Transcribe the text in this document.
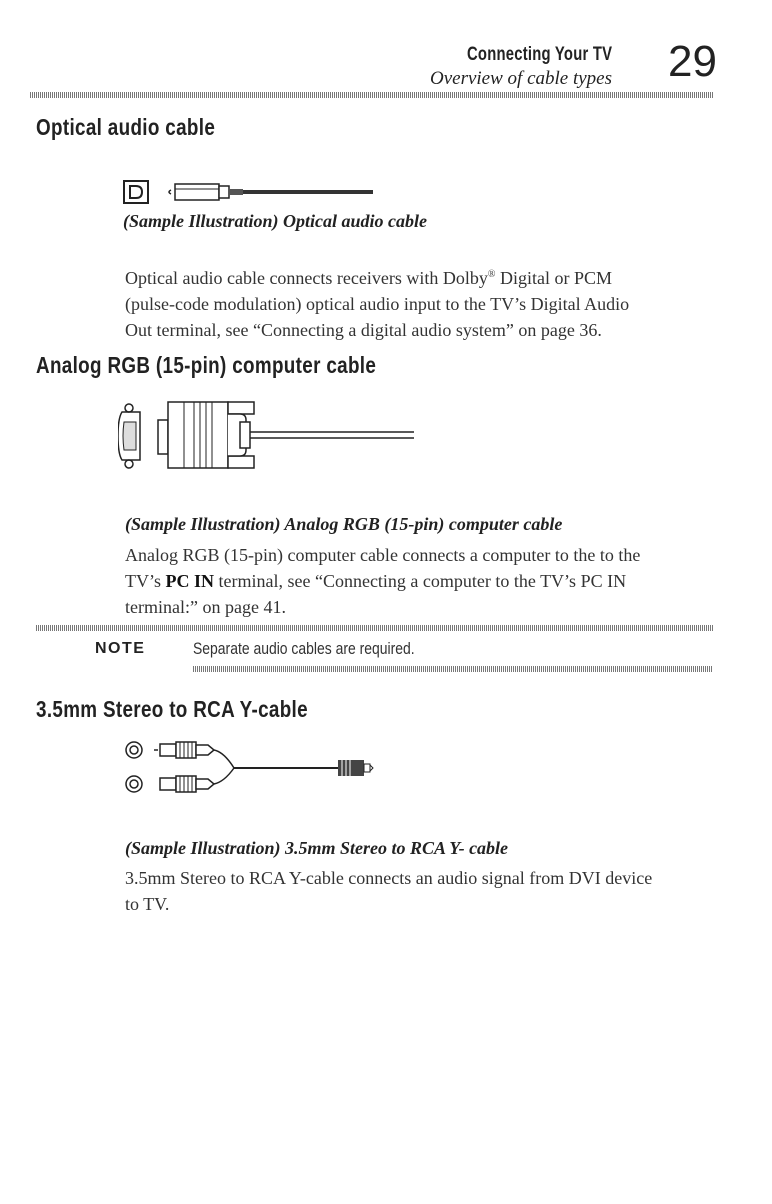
Connecting Your TV
Overview of cable types 29
Optical audio cable
(Sample Illustration) Optical audio cable
Optical audio cable connects receivers with Dolby® Digital or PCM
(pulse-code modulation) optical audio input to the TV’s Digital Audio
Out terminal, see “Connecting a digital audio system” on page 36.
Analog RGB (15-pin) computer cable
(Sample Illustration) Analog RGB (15-pin) computer cable
Analog RGB (15-pin) computer cable connects a computer to the to the
TV’s PC IN terminal, see “Connecting a computer to the TV’s PC IN
terminal:” on page 41.
NOTE	Separate audio cables are required.
3.5mm Stereo to RCA Y-cable
(Sample Illustration) 3.5mm Stereo to RCA Y- cable
3.5mm Stereo to RCA Y-cable connects an audio signal from DVI device
to TV.
